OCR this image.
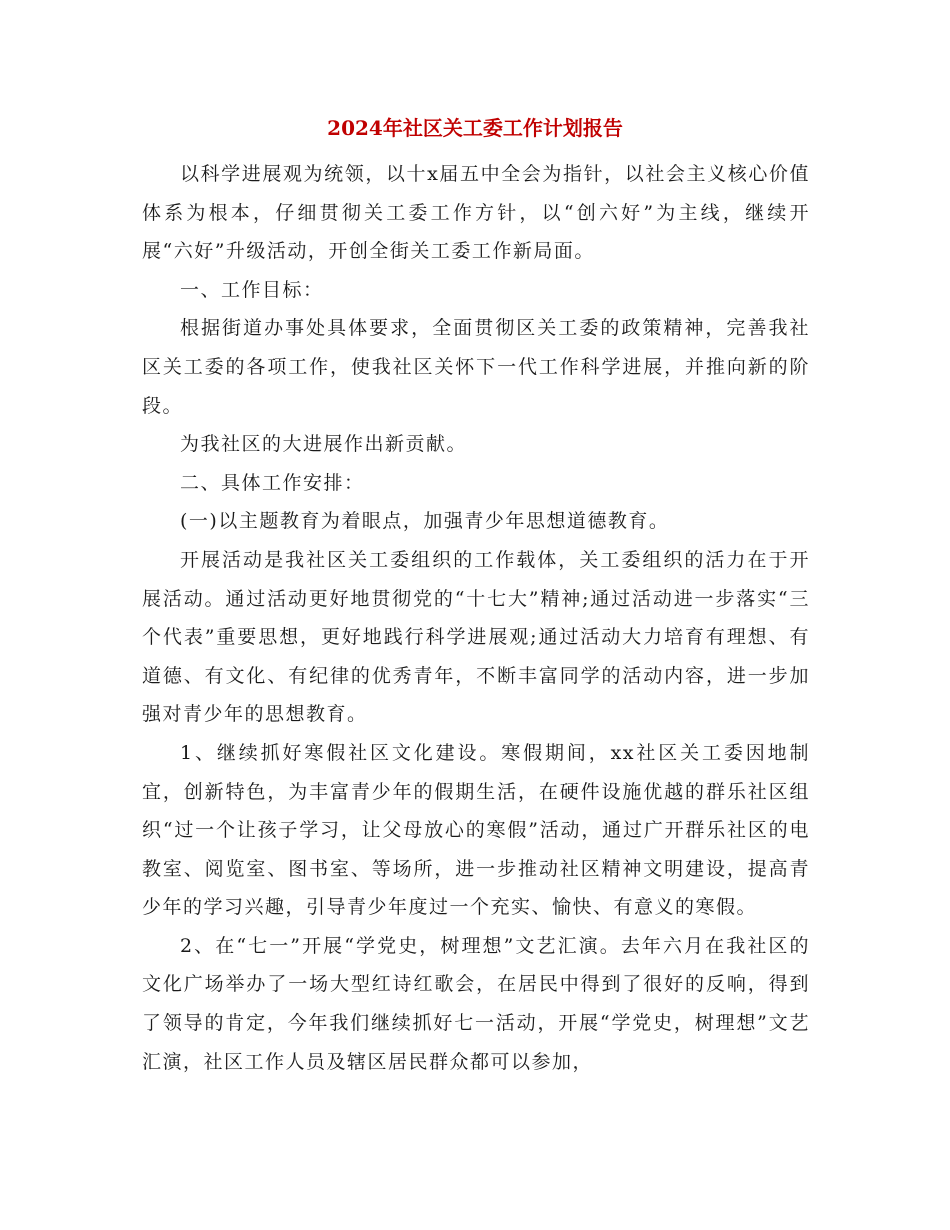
2024年社区关工委工作计划报告

以科学进展观为统领，以十x届五中全会为指针，以社会主义核心价值体系为根本，仔细贯彻关工委工作方针，以“创六好”为主线，继续开展“六好”升级活动，开创全街关工委工作新局面。

一、工作目标：

根据街道办事处具体要求，全面贯彻区关工委的政策精神，完善我社区关工委的各项工作，使我社区关怀下一代工作科学进展，并推向新的阶段。

为我社区的大进展作出新贡献。

二、具体工作安排：

(一)以主题教育为着眼点，加强青少年思想道德教育。

开展活动是我社区关工委组织的工作载体，关工委组织的活力在于开展活动。通过活动更好地贯彻党的“十七大”精神;通过活动进一步落实“三个代表”重要思想，更好地践行科学进展观;通过活动大力培育有理想、有道德、有文化、有纪律的优秀青年，不断丰富同学的活动内容，进一步加强对青少年的思想教育。

1、继续抓好寒假社区文化建设。寒假期间，xx社区关工委因地制宜，创新特色，为丰富青少年的假期生活，在硬件设施优越的群乐社区组织“过一个让孩子学习，让父母放心的寒假”活动，通过广开群乐社区的电教室、阅览室、图书室、等场所，进一步推动社区精神文明建设，提高青少年的学习兴趣，引导青少年度过一个充实、愉快、有意义的寒假。

2、在“七一”开展“学党史，树理想”文艺汇演。去年六月在我社区的文化广场举办了一场大型红诗红歌会，在居民中得到了很好的反响，得到了领导的肯定，今年我们继续抓好七一活动，开展“学党史，树理想”文艺汇演，社区工作人员及辖区居民群众都可以参加，
